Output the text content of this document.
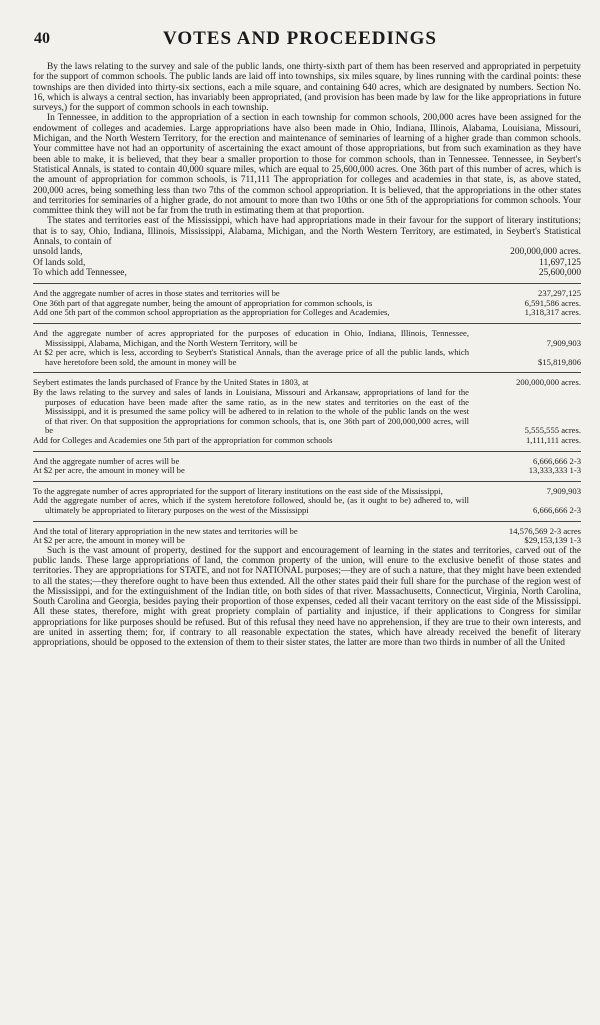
40	VOTES AND PROCEEDINGS

By the laws relating to the survey and sale of the public lands, one thirty-sixth part of them has been reserved and appropriated in perpetuity for the support of common schools. The public lands are laid off into townships, six miles square, by lines running with the cardinal points: these townships are then divided into thirty-six sections, each a mile square, and containing 640 acres, which are designated by numbers. Section No. 16, which is always a central section, has invariably been appropriated, (and provision has been made by law for the like appropriations in future surveys,) for the support of common schools in each township.

In Tennessee, in addition to the appropriation of a section in each township for common schools, 200,000 acres have been assigned for the endowment of colleges and academies. Large appropriations have also been made in Ohio, Indiana, Illinois, Alabama, Louisiana, Missouri, Michigan, and the North Western Territory, for the erection and maintenance of seminaries of learning of a higher grade than common schools. Your committee have not had an opportunity of ascertaining the exact amount of those appropriations, but from such examination as they have been able to make, it is believed, that they bear a smaller proportion to those for common schools, than in Tennessee. Tennessee, in Seybert's Statistical Annals, is stated to contain 40,000 square miles, which are equal to 25,600,000 acres. One 36th part of this number of acres, which is the amount of appropriation for common schools, is 711,111 The appropriation for colleges and academies in that state, is, as above stated, 200,000 acres, being something less than two 7ths of the common school appropriation. It is believed, that the appropriations in the other states and territories for seminaries of a higher grade, do not amount to more than two 10ths or one 5th of the appropriations for common schools. Your committee think they will not be far from the truth in estimating them at that proportion.

The states and territories east of the Mississippi, which have had appropriations made in their favour for the support of literary institutions; that is to say, Ohio, Indiana, Illinois, Mississippi, Alabama, Michigan, and the North Western Territory, are estimated, in Seybert's Statistical Annals, to contain of

unsold lands,	200,000,000 acres.
Of lands sold,	11,697,125
To which add Tennessee,	25,600,000
And the aggregate number of acres in those states and territories will be	237,297,125
One 36th part of that aggregate number, being the amount of appropriation for common schools, is	6,591,586 acres.
Add one 5th part of the common school appropriation as the appropriation for Colleges and Academies,	1,318,317 acres.
And the aggregate number of acres appropriated for the purposes of education in Ohio, Indiana, Illinois, Tennessee, Mississippi, Alabama, Michigan, and the North Western Territory, will be	7,909,903
At $2 per acre, which is less, according to Seybert's Statistical Annals, than the average price of all the public lands, which have heretofore been sold, the amount in money will be	$15,819,806
Seybert estimates the lands purchased of France by the United States in 1803, at	200,000,000 acres.
By the laws relating to the survey and sales of lands in Louisiana, Missouri and Arkansaw, appropriations of land for the purposes of education have been made after the same ratio, as in the new states and territories on the east of the Mississippi, and it is presumed the same policy will be adhered to in relation to the whole of the public lands on the west of that river. On that supposition the appropriations for common schools, that is, one 36th part of 200,000,000 acres, will be	5,555,555 acres.
Add for Colleges and Academies one 5th part of the appropriation for common schools	1,111,111 acres.
And the aggregate number of acres will be	6,666,666 2-3
At $2 per acre, the amount in money will be	13,333,333 1-3
To the aggregate number of acres appropriated for the support of literary institutions on the east side of the Mississippi,	7,909,903
Add the aggregate number of acres, which if the system heretofore followed, should be, (as it ought to be) adhered to, will ultimately be appropriated to literary purposes on the west of the Mississippi	6,666,666 2-3
And the total of literary appropriation in the new states and territories will be	14,576,569 2-3 acres
At $2 per acre, the amount in money will be	$29,153,139 1-3

Such is the vast amount of property, destined for the support and encouragement of learning in the states and territories, carved out of the public lands. These large appropriations of land, the common property of the union, will enure to the exclusive benefit of those states and territories. They are appropriations for STATE, and not for NATIONAL purposes;—they are of such a nature, that they might have been extended to all the states;—they therefore ought to have been thus extended. All the other states paid their full share for the purchase of the region west of the Mississippi, and for the extinguishment of the Indian title, on both sides of that river. Massachusetts, Connecticut, Virginia, North Carolina, South Carolina and Georgia, besides paying their proportion of those expenses, ceded all their vacant territory on the east side of the Mississippi. All these states, therefore, might with great propriety complain of partiality and injustice, if their applications to Congress for similar appropriations for like purposes should be refused. But of this refusal they need have no apprehension, if they are true to their own interests, and are united in asserting them; for, if contrary to all reasonable expectation the states, which have already received the benefit of literary appropriations, should be opposed to the extension of them to their sister states, the latter are more than two thirds in number of all the United
